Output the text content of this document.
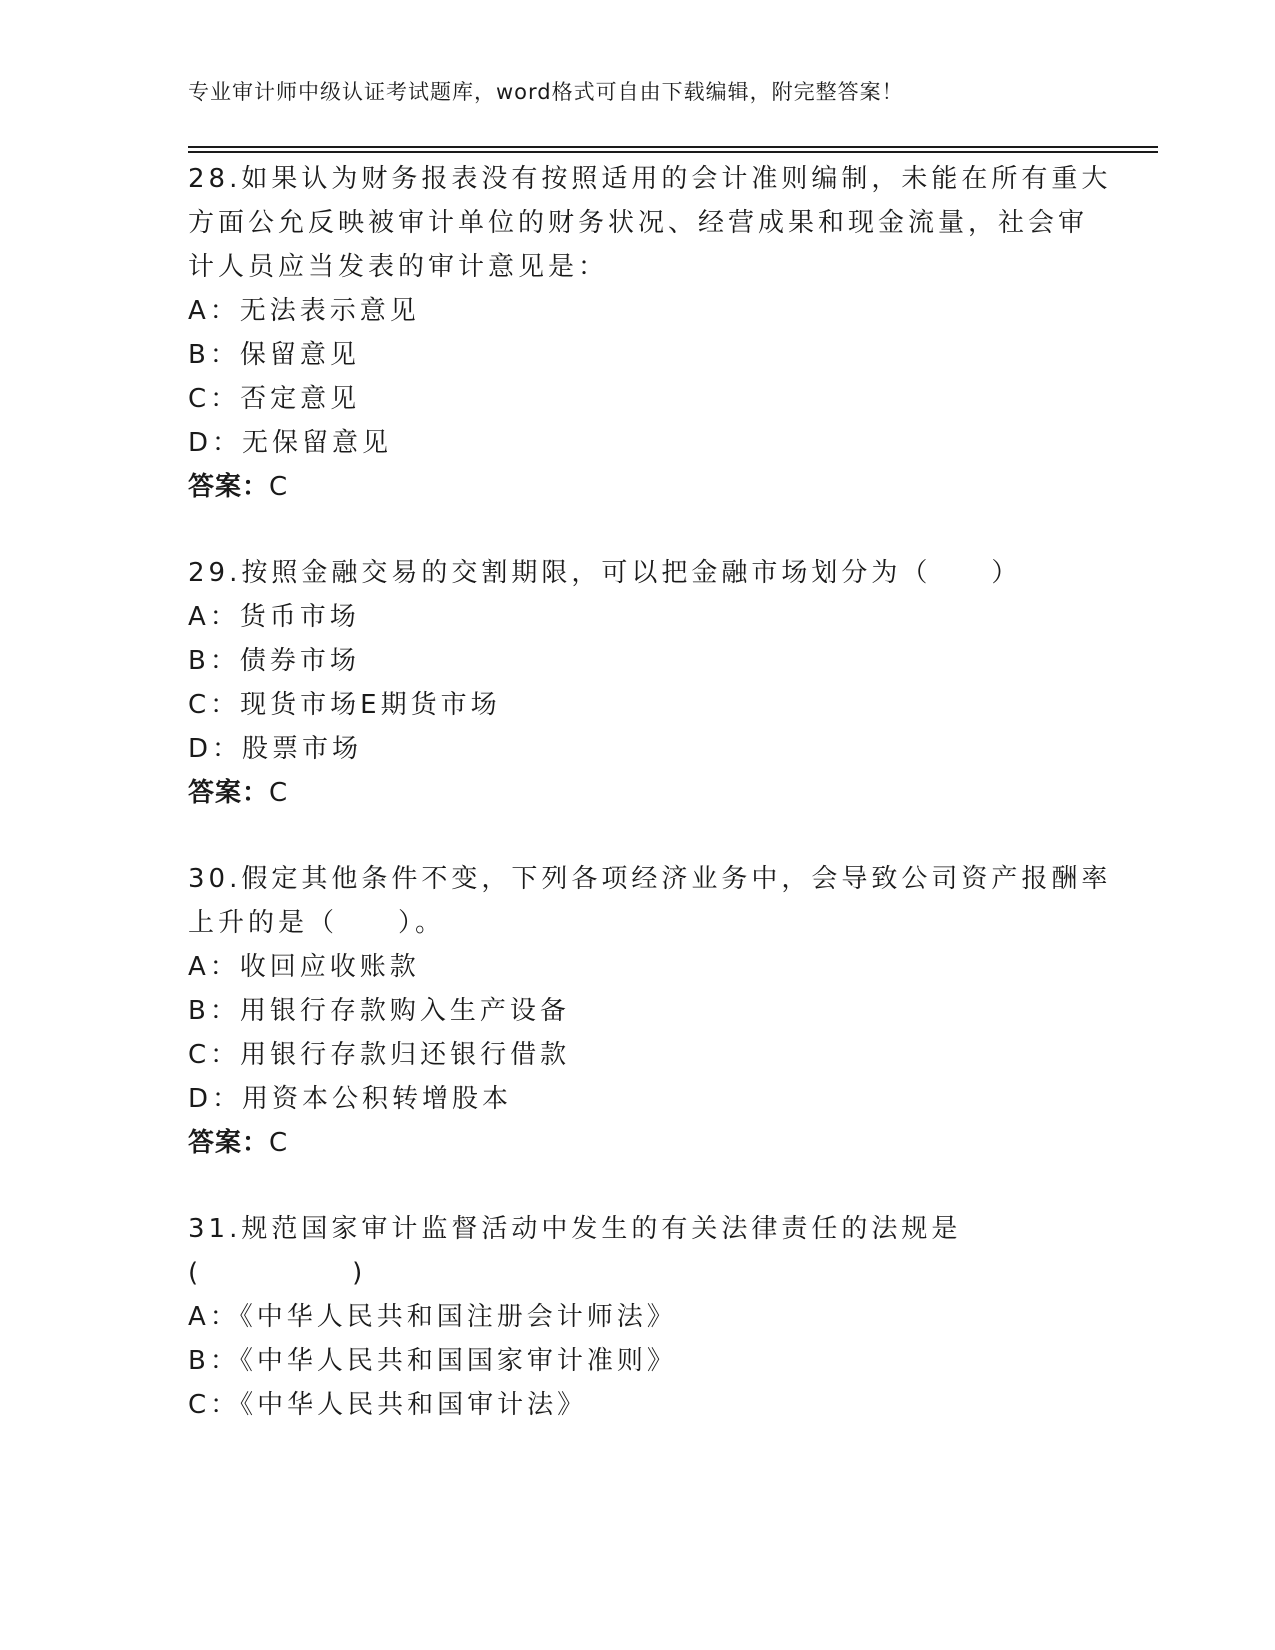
专业审计师中级认证考试题库，word格式可自由下载编辑，附完整答案！
28.如果认为财务报表没有按照适用的会计准则编制，未能在所有重大
方面公允反映被审计单位的财务状况、经营成果和现金流量，社会审
计人员应当发表的审计意见是：
A：无法表示意见
B：保留意见
C：否定意见
D：无保留意见
答案：C
29.按照金融交易的交割期限，可以把金融市场划分为（　　）
A：货币市场
B：债券市场
C：现货市场E期货市场
D：股票市场
答案：C
30.假定其他条件不变，下列各项经济业务中，会导致公司资产报酬率
上升的是（　　）。
A：收回应收账款
B：用银行存款购入生产设备
C：用银行存款归还银行借款
D：用资本公积转增股本
答案：C
31.规范国家审计监督活动中发生的有关法律责任的法规是
(　　　　　)
A：《中华人民共和国注册会计师法》
B：《中华人民共和国国家审计准则》
C：《中华人民共和国审计法》
